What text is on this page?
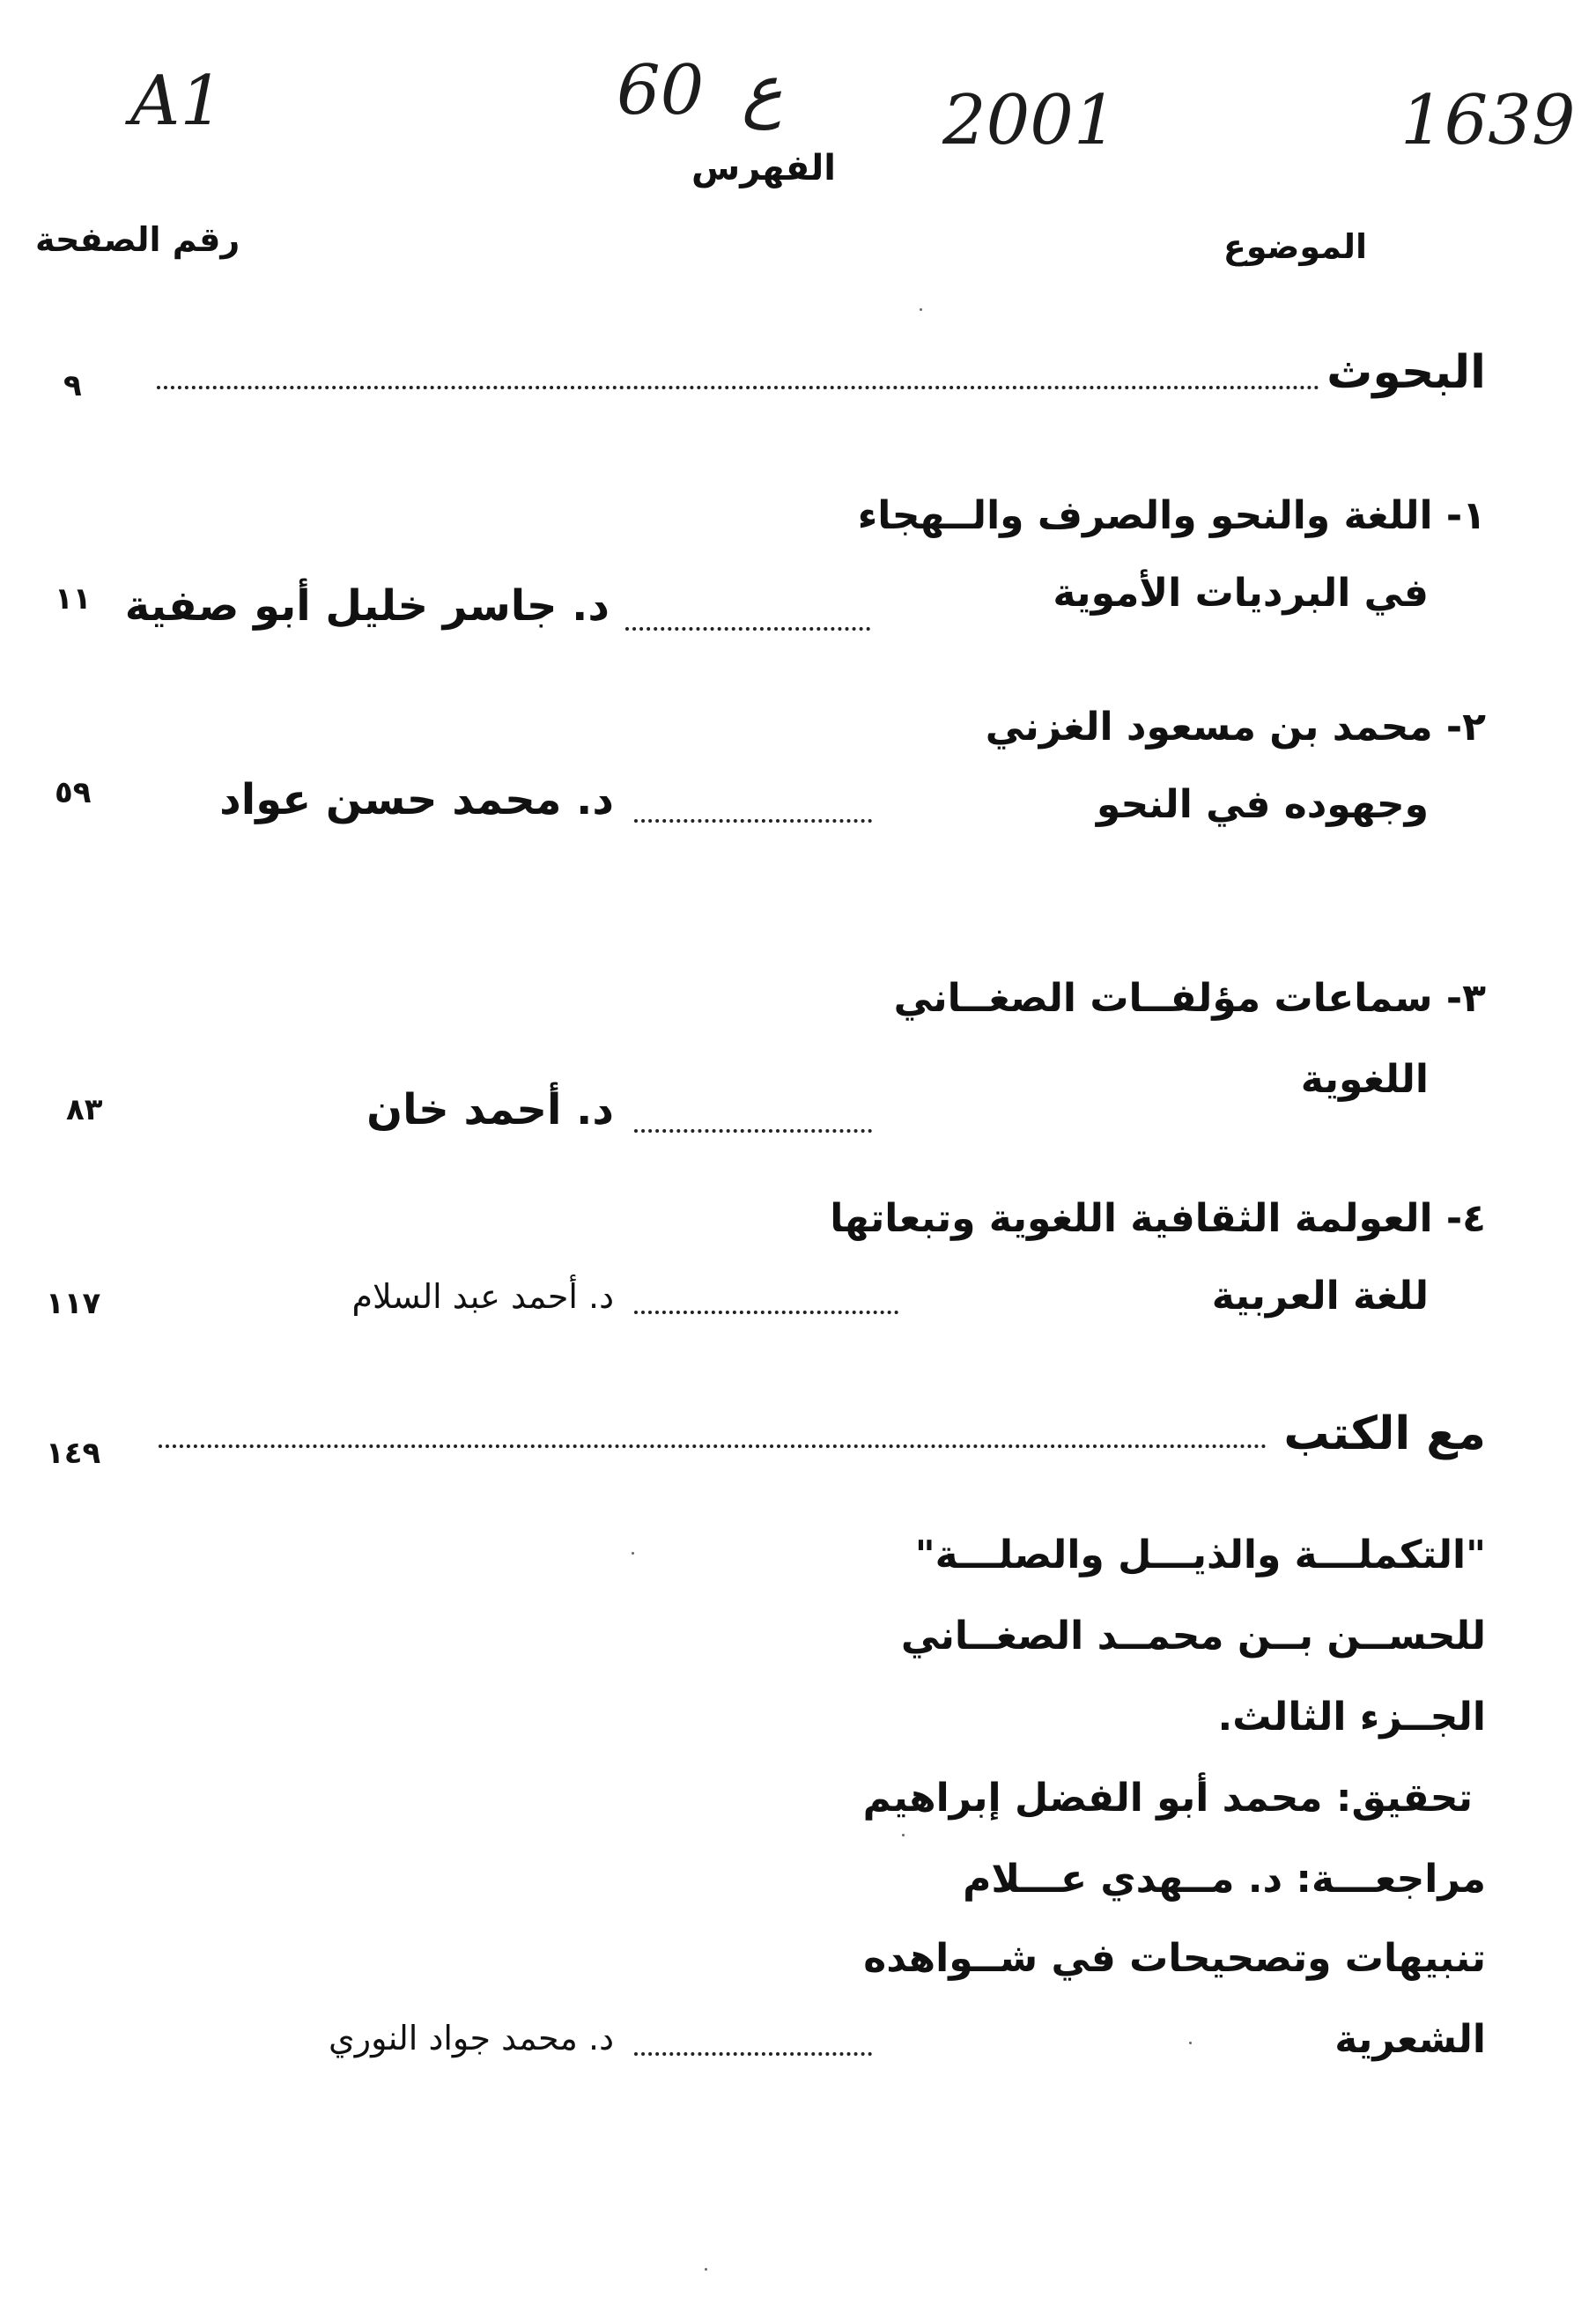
A1	60 ع 2001	1639
الفهرس
الموضوع
رقم الصفحة
البحوث
٩
١- اللغة والنحو والصرف والــهجاء
في البرديات الأموية
د. جاسر خليل أبو صفية
١١
٢- محمد بن مسعود الغزني
وجهوده في النحو
د. محمد حسن عواد
٥٩
٣- سماعات مؤلفــات الصغــاني
اللغوية
د. أحمد خان
٨٣
٤- العولمة الثقافية اللغوية وتبعاتها
للغة العربية
د. أحمد عبد السلام
١١٧
مع الكتب
١٤٩
"التكملـــة والذيـــل والصلـــة"
للحســن بــن محمــد الصغــاني
الجــزء الثالث.
تحقيق: محمد أبو الفضل إبراهيم
مراجعـــة: د. مــهدي عـــلام
تنبيهات وتصحيحات في شــواهده
الشعرية
د. محمد جواد النوري
